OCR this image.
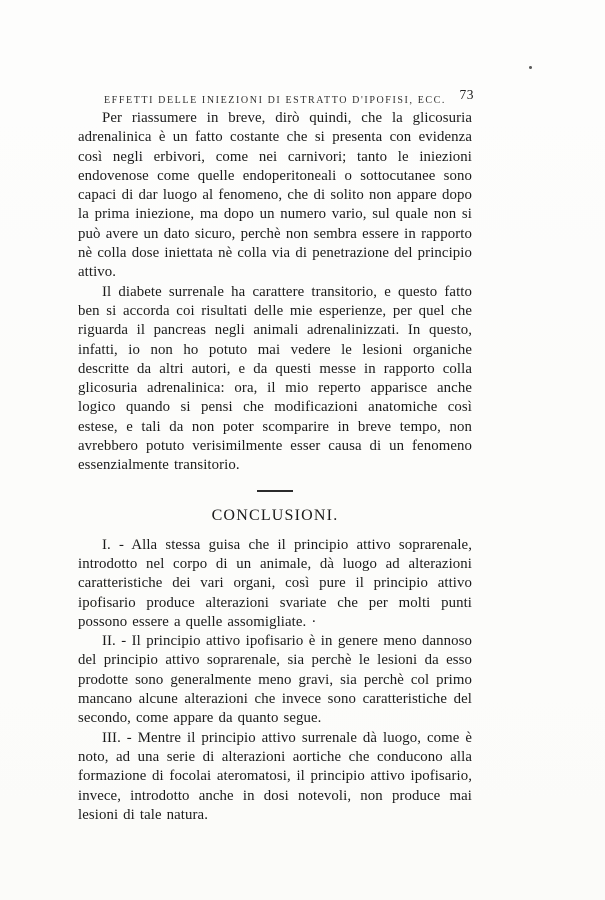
EFFETTI DELLE INIEZIONI DI ESTRATTO D'IPOFISI, ECC. 73

Per riassumere in breve, dirò quindi, che la glicosuria adrenalinica è un fatto costante che si presenta con evidenza così negli erbivori, come nei carnivori; tanto le iniezioni endovenose come quelle endoperitoneali o sottocutanee sono capaci di dar luogo al fenomeno, che di solito non appare dopo la prima iniezione, ma dopo un numero vario, sul quale non si può avere un dato sicuro, perchè non sembra essere in rapporto nè colla dose iniettata nè colla via di penetrazione del principio attivo.

Il diabete surrenale ha carattere transitorio, e questo fatto ben si accorda coi risultati delle mie esperienze, per quel che riguarda il pancreas negli animali adrenalinizzati. In questo, infatti, io non ho potuto mai vedere le lesioni organiche descritte da altri autori, e da questi messe in rapporto colla glicosuria adrenalinica: ora, il mio reperto apparisce anche logico quando si pensi che modificazioni anatomiche così estese, e tali da non poter scomparire in breve tempo, non avrebbero potuto verisimilmente esser causa di un fenomeno essenzialmente transitorio.

CONCLUSIONI.

I. - Alla stessa guisa che il principio attivo soprarenale, introdotto nel corpo di un animale, dà luogo ad alterazioni caratteristiche dei vari organi, così pure il principio attivo ipofisario produce alterazioni svariate che per molti punti possono essere a quelle assomigliate. ·

II. - Il principio attivo ipofisario è in genere meno dannoso del principio attivo soprarenale, sia perchè le lesioni da esso prodotte sono generalmente meno gravi, sia perchè col primo mancano alcune alterazioni che invece sono caratteristiche del secondo, come appare da quanto segue.

III. - Mentre il principio attivo surrenale dà luogo, come è noto, ad una serie di alterazioni aortiche che conducono alla formazione di focolai ateromatosi, il principio attivo ipofisario, invece, introdotto anche in dosi notevoli, non produce mai lesioni di tale natura.
